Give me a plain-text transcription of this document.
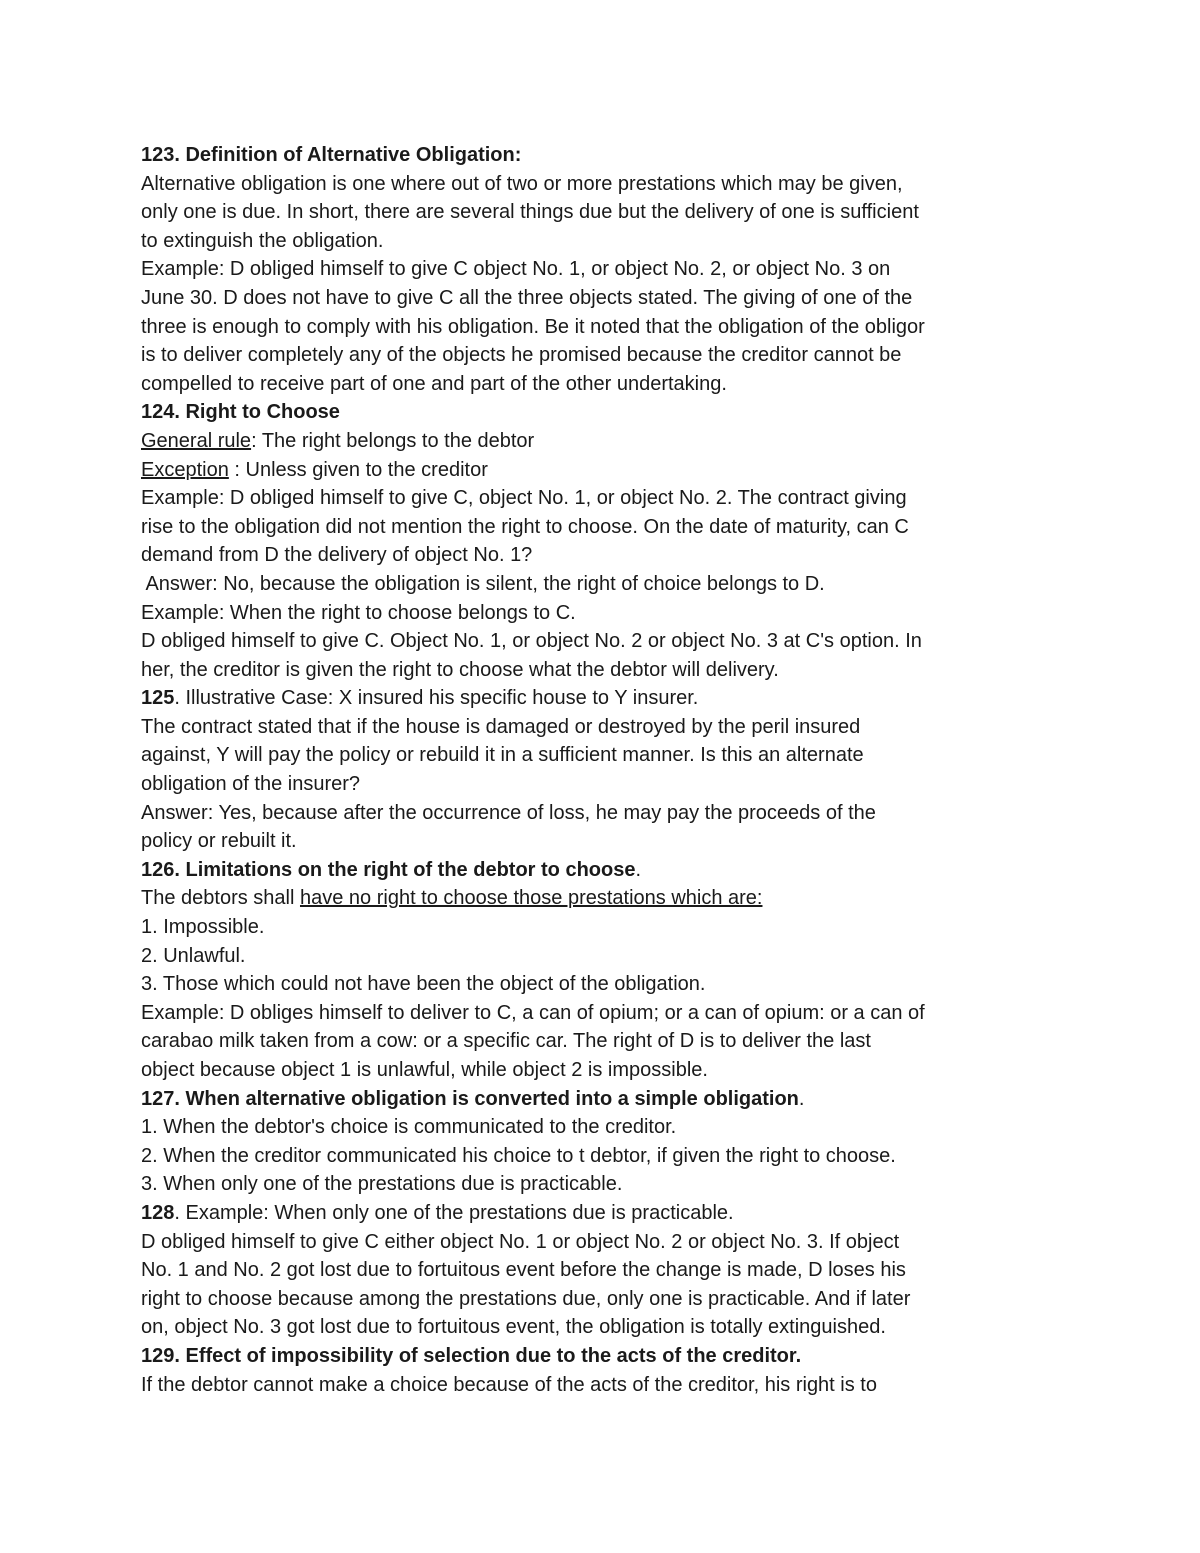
123. Definition of Alternative Obligation:
Alternative obligation is one where out of two or more prestations which may be given,
only one is due. In short, there are several things due but the delivery of one is sufficient
to extinguish the obligation.
Example: D obliged himself to give C object No. 1, or object No. 2, or object No. 3 on
June 30. D does not have to give C all the three objects stated. The giving of one of the
three is enough to comply with his obligation. Be it noted that the obligation of the obligor
is to deliver completely any of the objects he promised because the creditor cannot be
compelled to receive part of one and part of the other undertaking.
124. Right to Choose
General rule: The right belongs to the debtor
Exception : Unless given to the creditor
Example: D obliged himself to give C, object No. 1, or object No. 2. The contract giving
rise to the obligation did not mention the right to choose. On the date of maturity, can C
demand from D the delivery of object No. 1?
Answer: No, because the obligation is silent, the right of choice belongs to D.
Example: When the right to choose belongs to C.
D obliged himself to give C. Object No. 1, or object No. 2 or object No. 3 at C's option. In
her, the creditor is given the right to choose what the debtor will delivery.
125. Illustrative Case: X insured his specific house to Y insurer.
The contract stated that if the house is damaged or destroyed by the peril insured
against, Y will pay the policy or rebuild it in a sufficient manner. Is this an alternate
obligation of the insurer?
Answer: Yes, because after the occurrence of loss, he may pay the proceeds of the
policy or rebuilt it.
126. Limitations on the right of the debtor to choose.
The debtors shall have no right to choose those prestations which are:
1. Impossible.
2. Unlawful.
3. Those which could not have been the object of the obligation.
Example: D obliges himself to deliver to C, a can of opium; or a can of opium: or a can of
carabao milk taken from a cow: or a specific car. The right of D is to deliver the last
object because object 1 is unlawful, while object 2 is impossible.
127. When alternative obligation is converted into a simple obligation.
1. When the debtor's choice is communicated to the creditor.
2. When the creditor communicated his choice to t debtor, if given the right to choose.
3. When only one of the prestations due is practicable.
128. Example: When only one of the prestations due is practicable.
D obliged himself to give C either object No. 1 or object No. 2 or object No. 3. If object
No. 1 and No. 2 got lost due to fortuitous event before the change is made, D loses his
right to choose because among the prestations due, only one is practicable. And if later
on, object No. 3 got lost due to fortuitous event, the obligation is totally extinguished.
129. Effect of impossibility of selection due to the acts of the creditor.
If the debtor cannot make a choice because of the acts of the creditor, his right is to
